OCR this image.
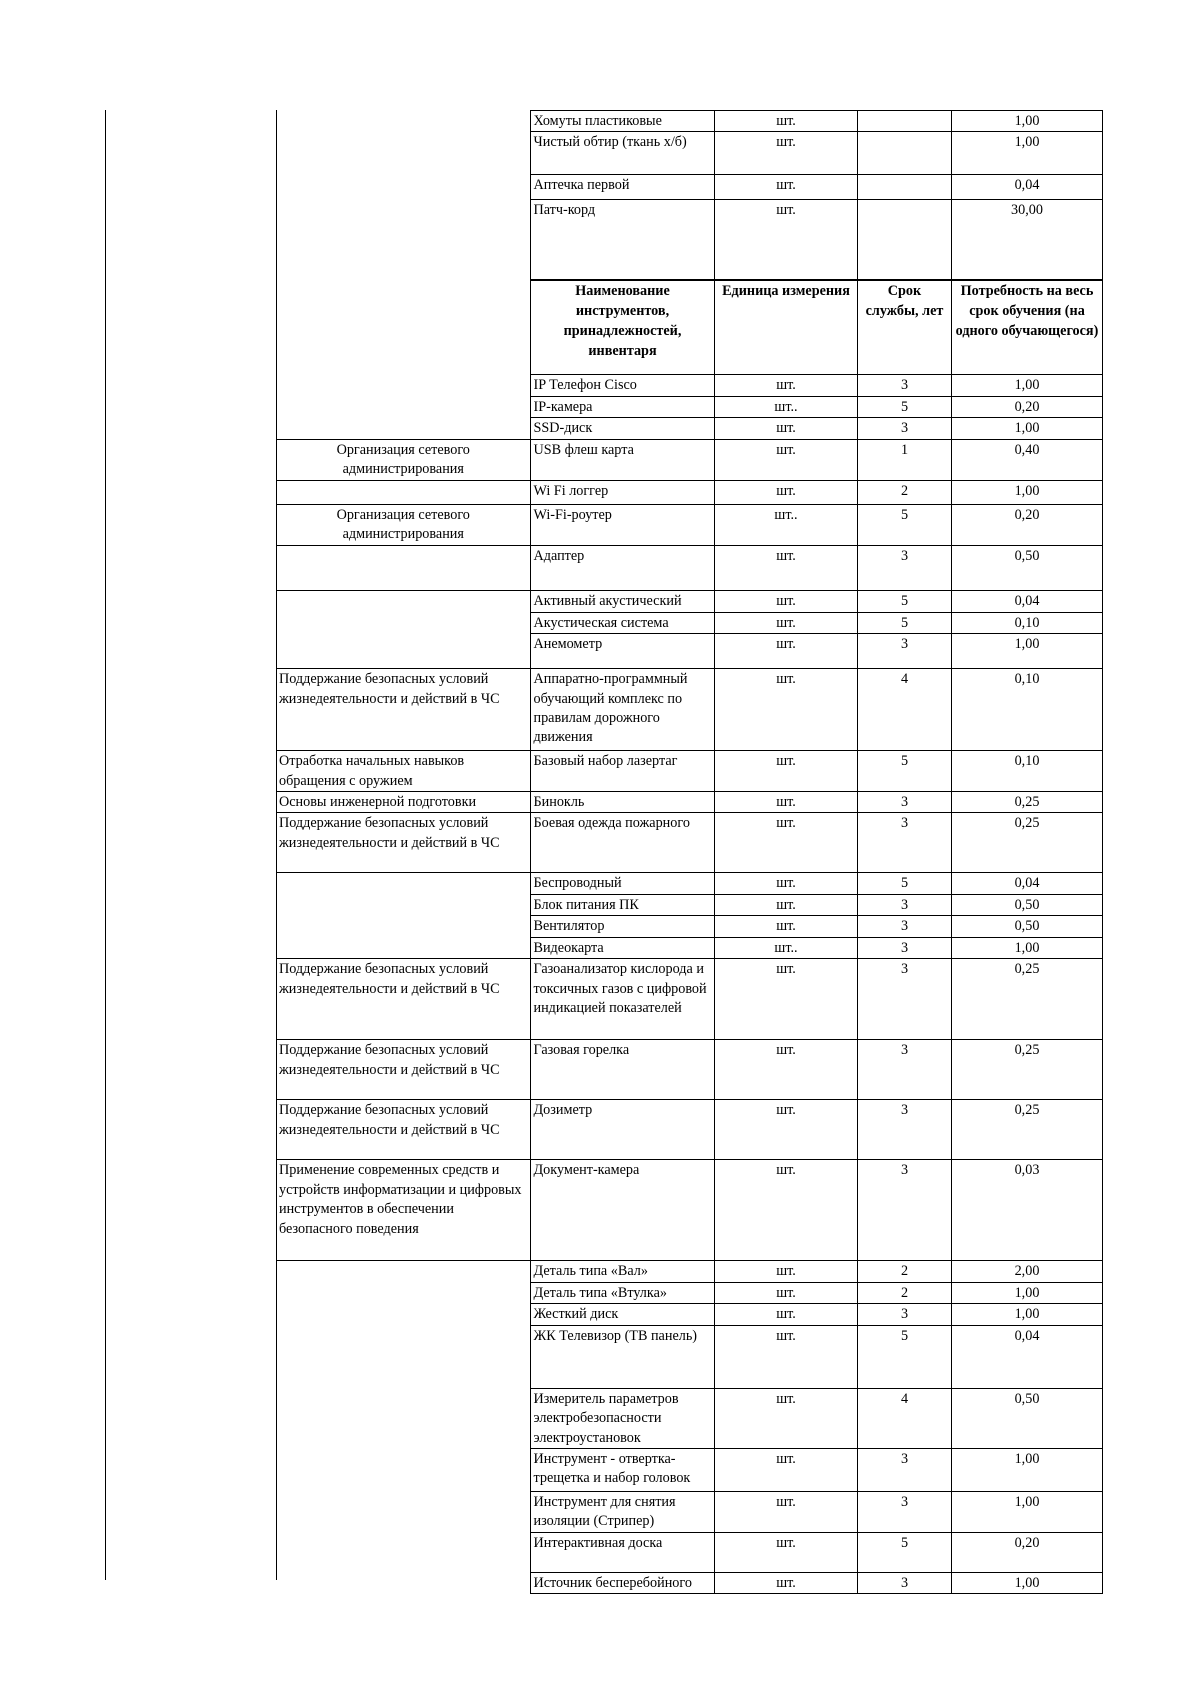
	Хомуты пластиковые	шт.		1,00
	Чистый обтир (ткань х/б)	шт.		1,00
	Аптечка первой	шт.		0,04
	Патч-корд	шт.		30,00
	Наименование инструментов, принадлежностей, инвентаря	Единица измерения	Срок службы, лет	Потребность на весь срок обучения (на одного обучающегося)
	IP Телефон Cisco	шт.	3	1,00
	IP-камера	шт..	5	0,20
	SSD-диск	шт.	3	1,00
Организация сетевого администрирования	USB флеш карта	шт.	1	0,40
	Wi Fi логгер	шт.	2	1,00
Организация сетевого администрирования	Wi-Fi-роутер	шт..	5	0,20
	Адаптер	шт.	3	0,50
	Активный акустический	шт.	5	0,04
	Акустическая система	шт.	5	0,10
	Анемометр	шт.	3	1,00
Поддержание безопасных условий жизнедеятельности и действий в ЧС	Аппаратно-программный обучающий комплекс по правилам дорожного движения	шт.	4	0,10
Отработка начальных навыков обращения с оружием	Базовый набор лазертаг	шт.	5	0,10
Основы инженерной подготовки	Бинокль	шт.	3	0,25
Поддержание безопасных условий жизнедеятельности и действий в ЧС	Боевая одежда пожарного	шт.	3	0,25
	Беспроводный	шт.	5	0,04
	Блок питания ПК	шт.	3	0,50
	Вентилятор	шт.	3	0,50
	Видеокарта	шт..	3	1,00
Поддержание безопасных условий жизнедеятельности и действий в ЧС	Газоанализатор кислорода и токсичных газов с цифровой индикацией показателей	шт.	3	0,25
Поддержание безопасных условий жизнедеятельности и действий в ЧС	Газовая горелка	шт.	3	0,25
Поддержание безопасных условий жизнедеятельности и действий в ЧС	Дозиметр	шт.	3	0,25
Применение современных средств и устройств информатизации и цифровых инструментов в обеспечении безопасного поведения	Документ-камера	шт.	3	0,03
	Деталь типа «Вал»	шт.	2	2,00
	Деталь типа «Втулка»	шт.	2	1,00
	Жесткий диск	шт.	3	1,00
	ЖК Телевизор (ТВ панель)	шт.	5	0,04
	Измеритель параметров электробезопасности электроустановок	шт.	4	0,50
	Инструмент - отвертка-трещетка и набор головок	шт.	3	1,00
	Инструмент для снятия изоляции (Стрипер)	шт.	3	1,00
	Интерактивная доска	шт.	5	0,20
	Источник бесперебойного	шт.	3	1,00
